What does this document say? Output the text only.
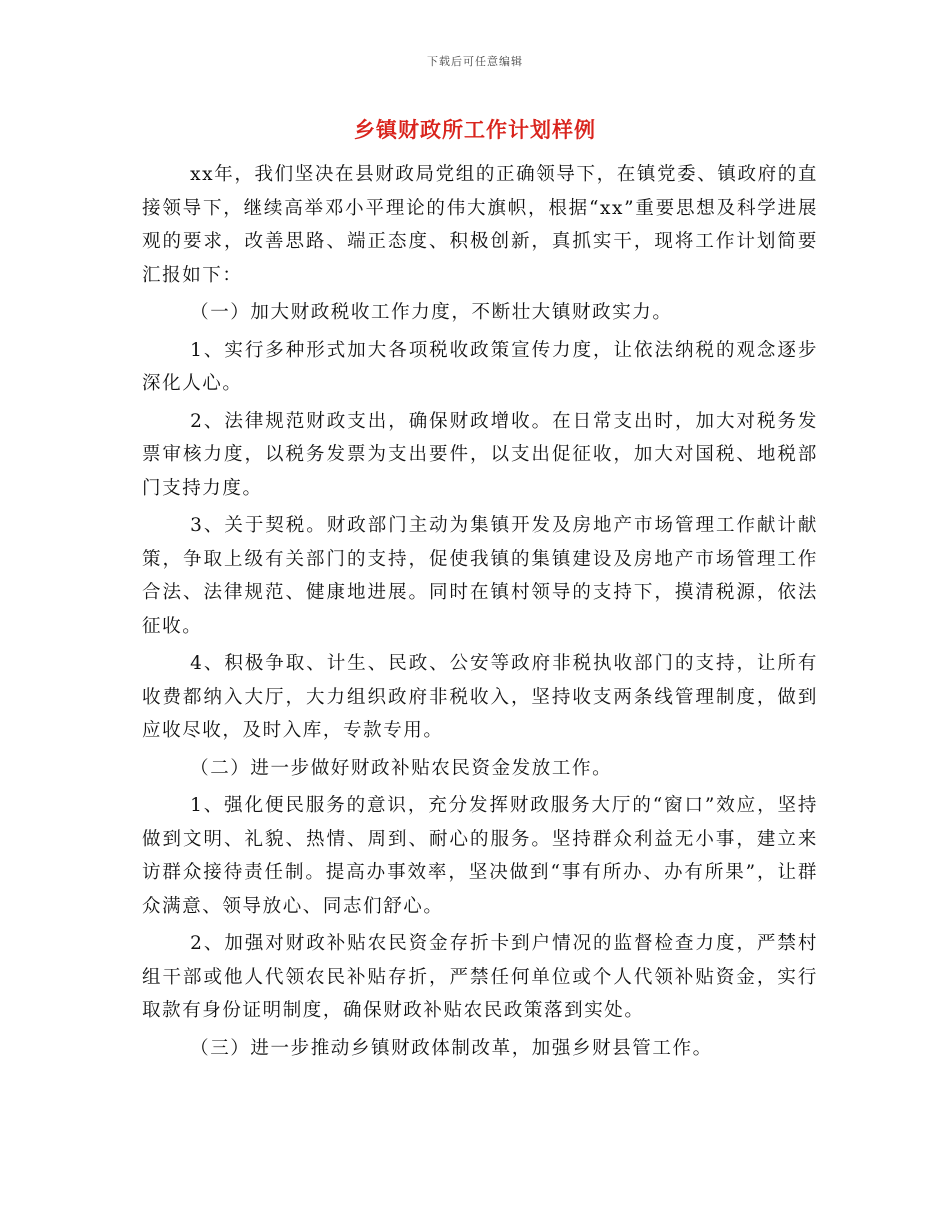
下载后可任意编辑
乡镇财政所工作计划样例

xx年，我们坚决在县财政局党组的正确领导下，在镇党委、镇政府的直接领导下，继续高举邓小平理论的伟大旗帜，根据“xx”重要思想及科学进展观的要求，改善思路、端正态度、积极创新，真抓实干，现将工作计划简要汇报如下：

（一）加大财政税收工作力度，不断壮大镇财政实力。

1、实行多种形式加大各项税收政策宣传力度，让依法纳税的观念逐步深化人心。

2、法律规范财政支出，确保财政增收。在日常支出时，加大对税务发票审核力度，以税务发票为支出要件，以支出促征收，加大对国税、地税部门支持力度。

3、关于契税。财政部门主动为集镇开发及房地产市场管理工作献计献策，争取上级有关部门的支持，促使我镇的集镇建设及房地产市场管理工作合法、法律规范、健康地进展。同时在镇村领导的支持下，摸清税源，依法征收。

4、积极争取、计生、民政、公安等政府非税执收部门的支持，让所有收费都纳入大厅，大力组织政府非税收入，坚持收支两条线管理制度，做到应收尽收，及时入库，专款专用。

（二）进一步做好财政补贴农民资金发放工作。

1、强化便民服务的意识，充分发挥财政服务大厅的“窗口”效应，坚持做到文明、礼貌、热情、周到、耐心的服务。坚持群众利益无小事，建立来访群众接待责任制。提高办事效率，坚决做到“事有所办、办有所果”，让群众满意、领导放心、同志们舒心。

2、加强对财政补贴农民资金存折卡到户情况的监督检查力度，严禁村组干部或他人代领农民补贴存折，严禁任何单位或个人代领补贴资金，实行取款有身份证明制度，确保财政补贴农民政策落到实处。

（三）进一步推动乡镇财政体制改革，加强乡财县管工作。
